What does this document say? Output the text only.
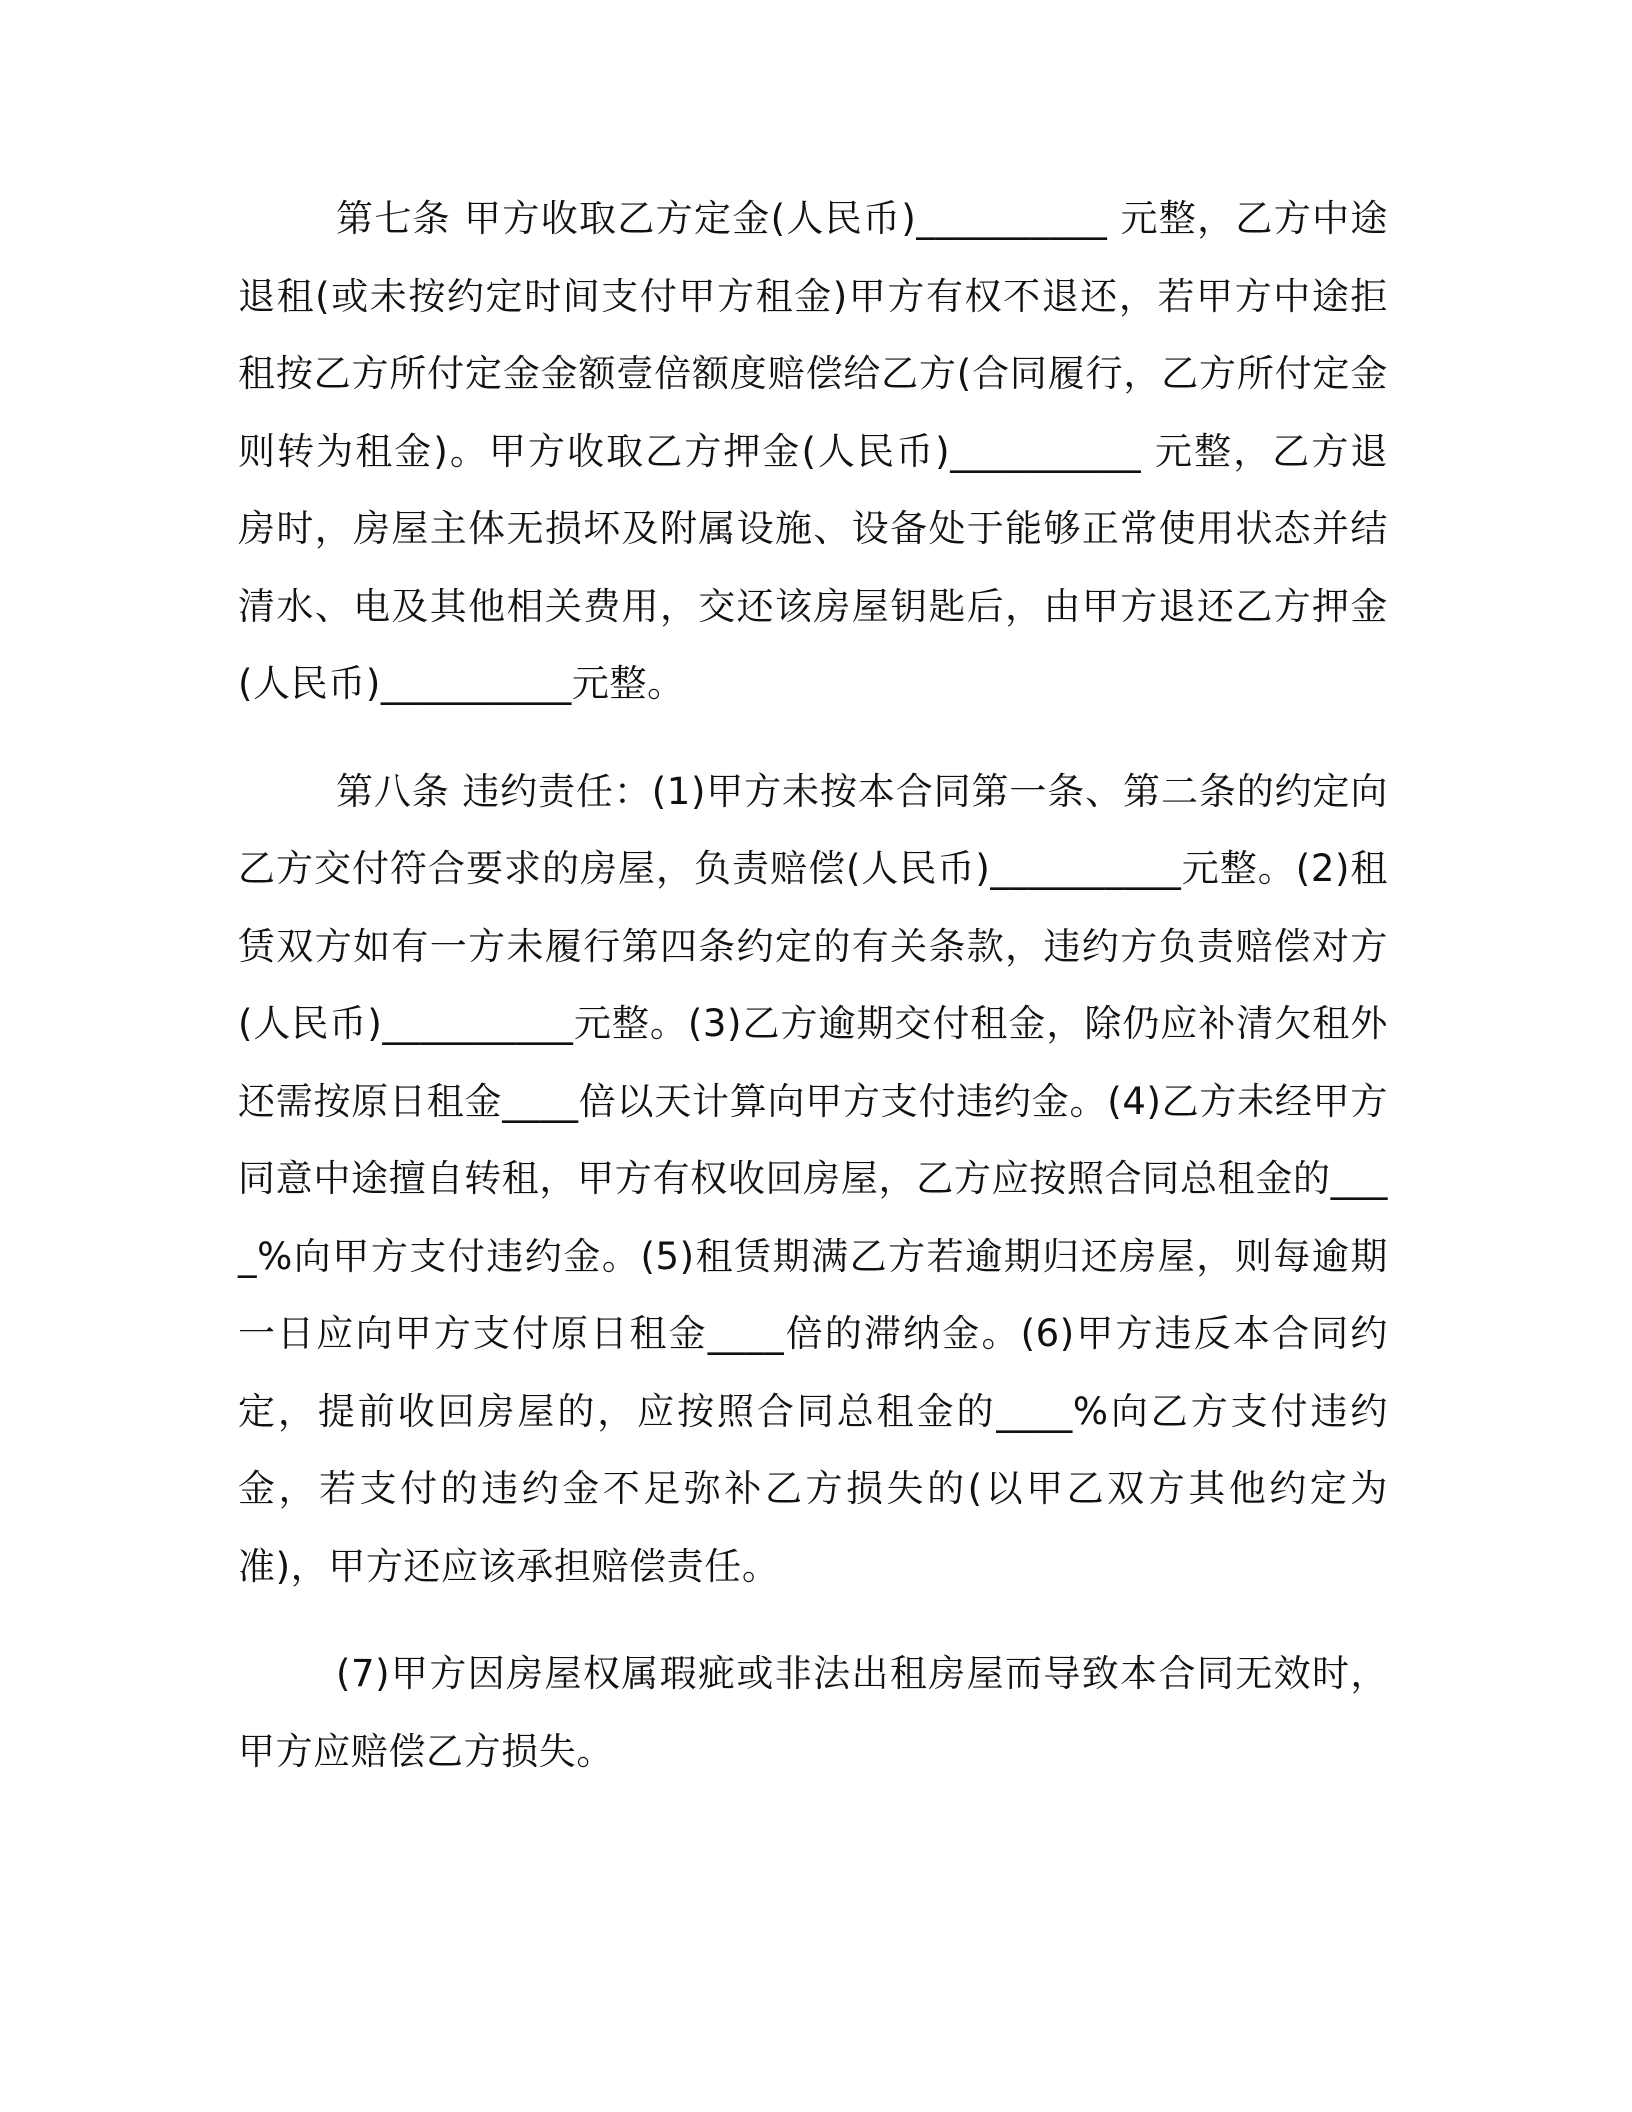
第七条 甲方收取乙方定金(人民币)__________ 元整，乙方中途退租(或未按约定时间支付甲方租金)甲方有权不退还，若甲方中途拒租按乙方所付定金金额壹倍额度赔偿给乙方(合同履行，乙方所付定金则转为租金)。甲方收取乙方押金(人民币)__________ 元整，乙方退房时，房屋主体无损坏及附属设施、设备处于能够正常使用状态并结清水、电及其他相关费用，交还该房屋钥匙后，由甲方退还乙方押金(人民币)__________元整。

第八条 违约责任：(1)甲方未按本合同第一条、第二条的约定向乙方交付符合要求的房屋，负责赔偿(人民币)__________元整。(2)租赁双方如有一方未履行第四条约定的有关条款，违约方负责赔偿对方(人民币)__________元整。(3)乙方逾期交付租金，除仍应补清欠租外还需按原日租金____倍以天计算向甲方支付违约金。(4)乙方未经甲方同意中途擅自转租，甲方有权收回房屋，乙方应按照合同总租金的____%向甲方支付违约金。(5)租赁期满乙方若逾期归还房屋，则每逾期一日应向甲方支付原日租金____倍的滞纳金。(6)甲方违反本合同约定，提前收回房屋的，应按照合同总租金的____%向乙方支付违约金，若支付的违约金不足弥补乙方损失的(以甲乙双方其他约定为准)，甲方还应该承担赔偿责任。

(7)甲方因房屋权属瑕疵或非法出租房屋而导致本合同无效时，甲方应赔偿乙方损失。
